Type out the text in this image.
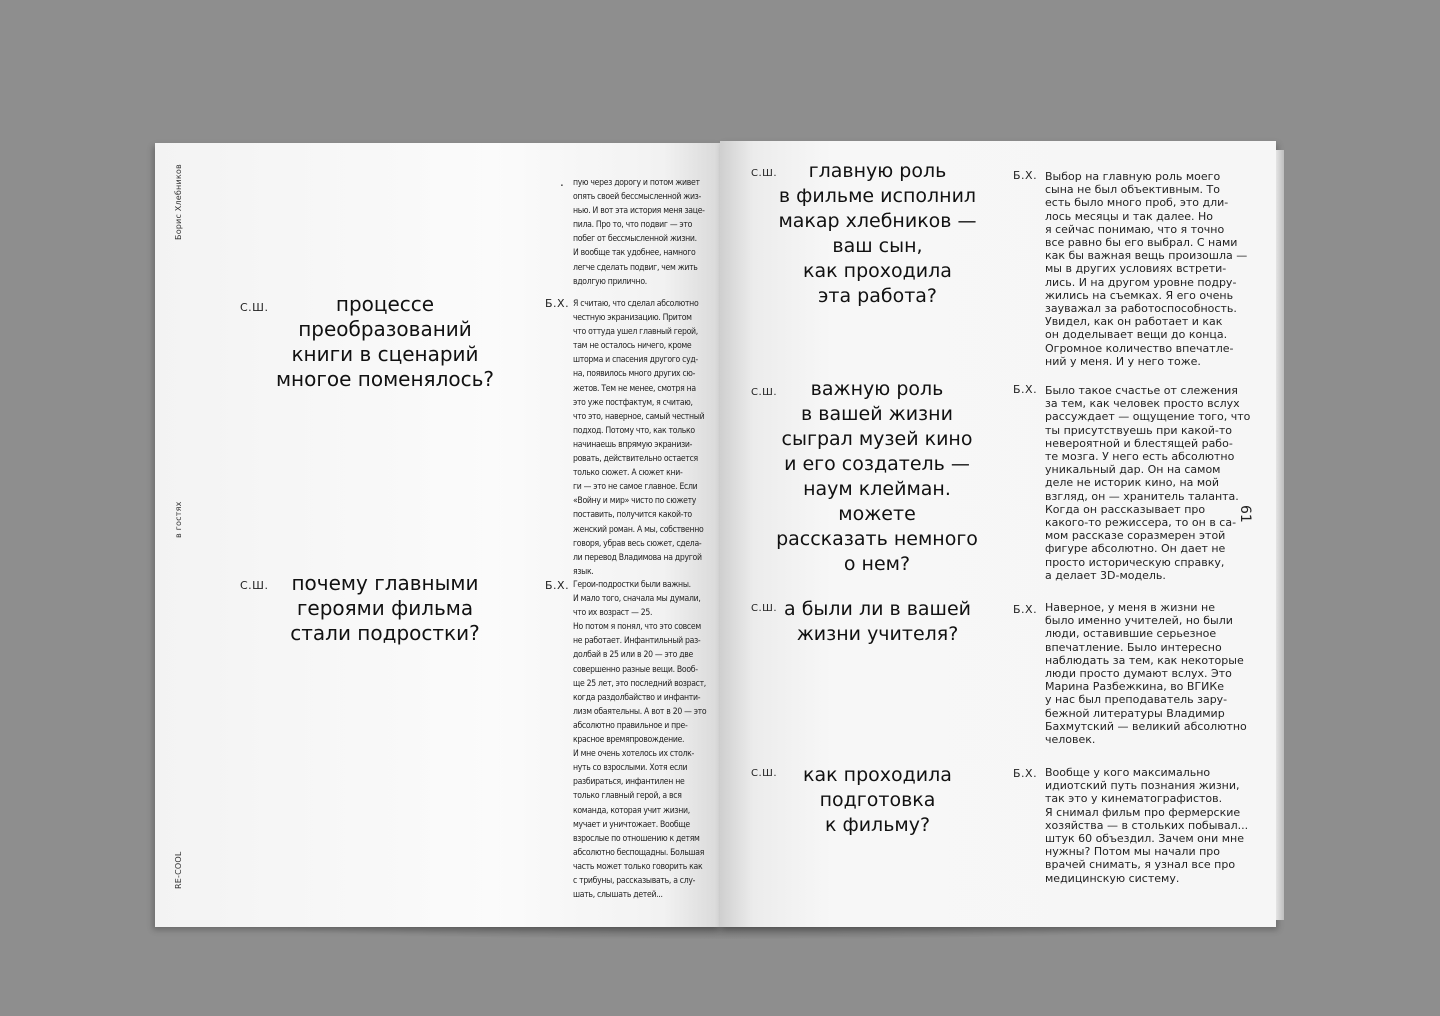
Борис Хлебников
в гостях
RE-COOL
61
. пую через дорогу и потом живет
опять своей бессмысленной жиз-
нью. И вот эта история меня заце-
пила. Про то, что подвиг — это
побег от бессмысленной жизни.
И вообще так удобнее, намного
легче сделать подвиг, чем жить
вдолгую прилично.
С.Ш.	процессе
преобразований
книги в сценарий
многое поменялось?
Б.Х. Я считаю, что сделал абсолютно
честную экранизацию. Притом
что оттуда ушел главный герой,
там не осталось ничего, кроме
шторма и спасения другого суд-
на, появилось много других сю-
жетов. Тем не менее, смотря на
это уже постфактум, я считаю,
что это, наверное, самый честный
подход. Потому что, как только
начинаешь впрямую экранизи-
ровать, действительно остается
только сюжет. А сюжет кни-
ги — это не самое главное. Если
«Войну и мир» чисто по сюжету
поставить, получится какой-то
женский роман. А мы, собственно
говоря, убрав весь сюжет, сдела-
ли перевод Владимова на другой
язык.
С.Ш.	почему главными
героями фильма
стали подростки?
Б.Х. Герои-подростки были важны.
И мало того, сначала мы думали,
что их возраст — 25.
Но потом я понял, что это совсем
не работает. Инфантильный раз-
долбай в 25 или в 20 — это две
совершенно разные вещи. Вооб-
ще 25 лет, это последний возраст,
когда раздолбайство и инфанти-
лизм обаятельны. А вот в 20 — это
абсолютно правильное и пре-
красное времяпровождение.
И мне очень хотелось их столк-
нуть со взрослыми. Хотя если
разбираться, инфантилен не
только главный герой, а вся
команда, которая учит жизни,
мучает и уничтожает. Вообще
взрослые по отношению к детям
абсолютно беспощадны. Большая
часть может только говорить как
с трибуны, рассказывать, а слу-
шать, слышать детей...
С.Ш.	главную роль
в фильме исполнил
макар хлебников —
ваш сын,
как проходила
эта работа?
Б.Х. Выбор на главную роль моего
сына не был объективным. То
есть было много проб, это дли-
лось месяцы и так далее. Но
я сейчас понимаю, что я точно
все равно бы его выбрал. С нами
как бы важная вещь произошла —
мы в других условиях встрети-
лись. И на другом уровне подру-
жились на съемках. Я его очень
зауважал за работоспособность.
Увидел, как он работает и как
он доделывает вещи до конца.
Огромное количество впечатле-
ний у меня. И у него тоже.
С.Ш.	важную роль
в вашей жизни
сыграл музей кино
и его создатель —
наум клейман. можете
рассказать немного
о нем?
Б.Х. Было такое счастье от слежения
за тем, как человек просто вслух
рассуждает — ощущение того, что
ты присутствуешь при какой-то
невероятной и блестящей рабо-
те мозга. У него есть абсолютно
уникальный дар. Он на самом
деле не историк кино, на мой
взгляд, он — хранитель таланта.
Когда он рассказывает про
какого-то режиссера, то он в са-
мом рассказе соразмерен этой
фигуре абсолютно. Он дает не
просто историческую справку,
а делает 3D-модель.
С.Ш. а были ли в вашей
жизни учителя?
Б.Х. Наверное, у меня в жизни не
было именно учителей, но были
люди, оставившие серьезное
впечатление. Было интересно
наблюдать за тем, как некоторые
люди просто думают вслух. Это
Марина Разбежкина, во ВГИКе
у нас был преподаватель зару-
бежной литературы Владимир
Бахмутский — великий абсолютно
человек.
С.Ш.	как проходила
подготовка
к фильму?
Б.Х. Вообще у кого максимально
идиотский путь познания жизни,
так это у кинематографистов.
Я снимал фильм про фермерские
хозяйства — в стольких побывал...
штук 60 объездил. Зачем они мне
нужны? Потом мы начали про
врачей снимать, я узнал все про
медицинскую систему.
